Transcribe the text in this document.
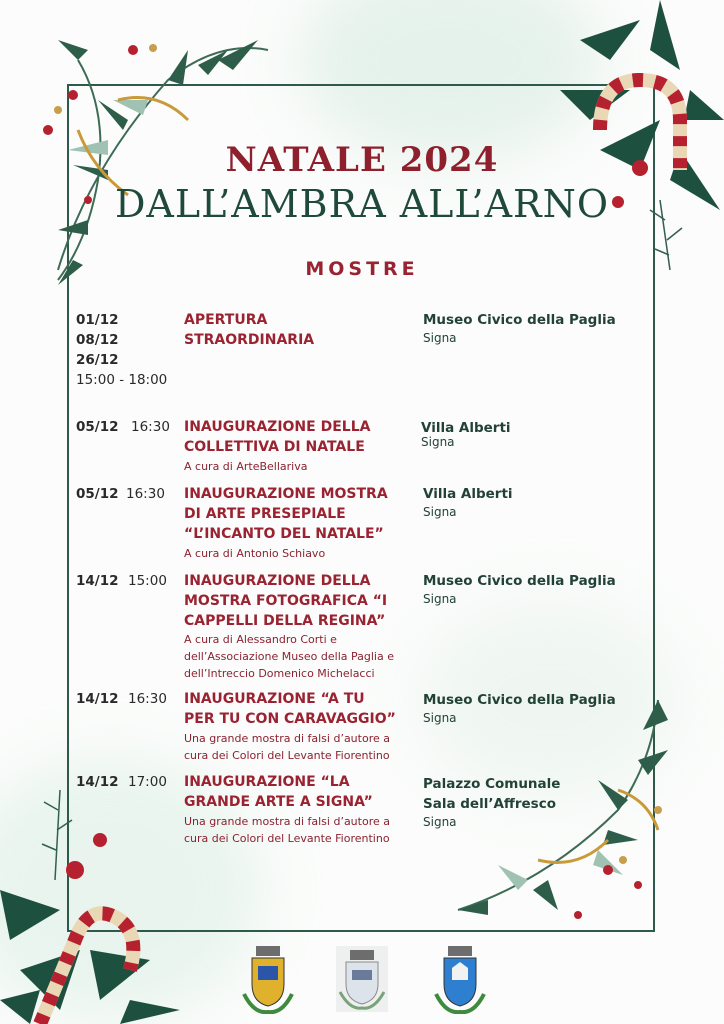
NATALE 2024
DALL’AMBRA ALL’ARNO
MOSTRE
01/12
08/12
26/12
15:00 - 18:00
APERTURA
STRAORDINARIA
Museo Civico della Paglia
Signa
05/12 16:30 INAUGURAZIONE DELLA
COLLETTIVA DI NATALE
A cura di ArteBellariva
Villa Alberti
Signa
05/12 16:30 INAUGURAZIONE MOSTRA
DI ARTE PRESEPIALE
“L’INCANTO DEL NATALE”
A cura di Antonio Schiavo
Villa Alberti
Signa
14/12 15:00 INAUGURAZIONE DELLA
MOSTRA FOTOGRAFICA “I
CAPPELLI DELLA REGINA”
A cura di Alessandro Corti e
dell’Associazione Museo della Paglia e
dell’Intreccio Domenico Michelacci
Museo Civico della Paglia
Signa
14/12 16:30 INAUGURAZIONE “A TU
PER TU CON CARAVAGGIO”
Una grande mostra di falsi d’autore a
cura dei Colori del Levante Fiorentino
Museo Civico della Paglia
Signa
14/12 17:00 INAUGURAZIONE “LA
GRANDE ARTE A SIGNA”
Una grande mostra di falsi d’autore a
cura dei Colori del Levante Fiorentino
Palazzo Comunale
Sala dell’Affresco
Signa
